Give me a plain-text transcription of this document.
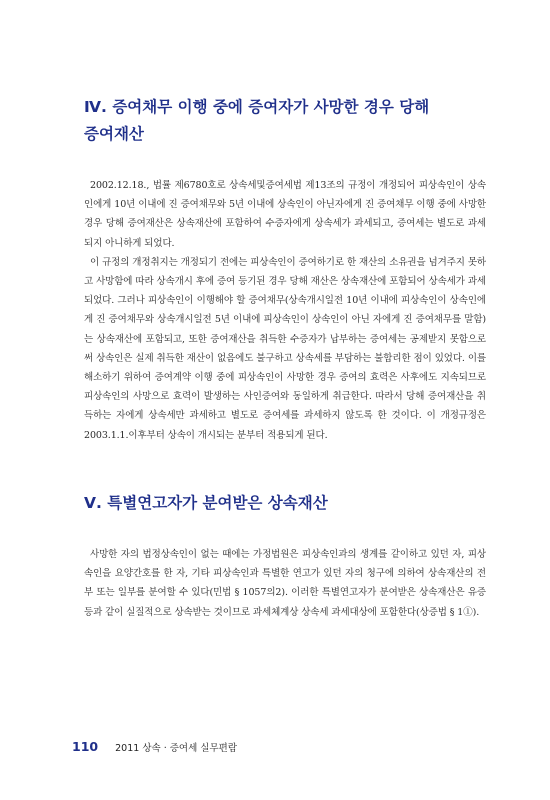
Ⅳ. 증여채무 이행 중에 증여자가 사망한 경우 당해
증여재산

2002.12.18., 법률 제6780호로 상속세및증여세법 제13조의 규정이 개정되어 피상속인이 상속인에게 10년 이내에 진 증여채무와 5년 이내에 상속인이 아닌자에게 진 증여채무 이행 중에 사망한 경우 당해 증여재산은 상속재산에 포함하여 수증자에게 상속세가 과세되고, 증여세는 별도로 과세되지 아니하게 되었다.

이 규정의 개정취지는 개정되기 전에는 피상속인이 증여하기로 한 재산의 소유권을 넘겨주지 못하고 사망함에 따라 상속개시 후에 증여 등기된 경우 당해 재산은 상속재산에 포함되어 상속세가 과세되었다. 그러나 피상속인이 이행해야 할 증여채무(상속개시일전 10년 이내에 피상속인이 상속인에게 진 증여채무와 상속개시일전 5년 이내에 피상속인이 상속인이 아닌 자에게 진 증여채무를 말함)는 상속재산에 포함되고, 또한 증여재산을 취득한 수증자가 납부하는 증여세는 공제받지 못함으로써 상속인은 실제 취득한 재산이 없음에도 불구하고 상속세를 부담하는 불합리한 점이 있었다. 이를 해소하기 위하여 증여계약 이행 중에 피상속인이 사망한 경우 증여의 효력은 사후에도 지속되므로 피상속인의 사망으로 효력이 발생하는 사인증여와 동일하게 취급한다. 따라서 당해 증여재산을 취득하는 자에게 상속세만 과세하고 별도로 증여세를 과세하지 않도록 한 것이다. 이 개정규정은 2003.1.1.이후부터 상속이 개시되는 분부터 적용되게 된다.

Ⅴ. 특별연고자가 분여받은 상속재산

사망한 자의 법정상속인이 없는 때에는 가정법원은 피상속인과의 생계를 같이하고 있던 자, 피상속인을 요양간호를 한 자, 기타 피상속인과 특별한 연고가 있던 자의 청구에 의하여 상속재산의 전부 또는 일부를 분여할 수 있다(민법 § 1057의2). 이러한 특별연고자가 분여받은 상속재산은 유증 등과 같이 실질적으로 상속받는 것이므로 과세체계상 상속세 과세대상에 포함한다(상증법 § 1①).

110 2011 상속 · 증여세 실무편람
